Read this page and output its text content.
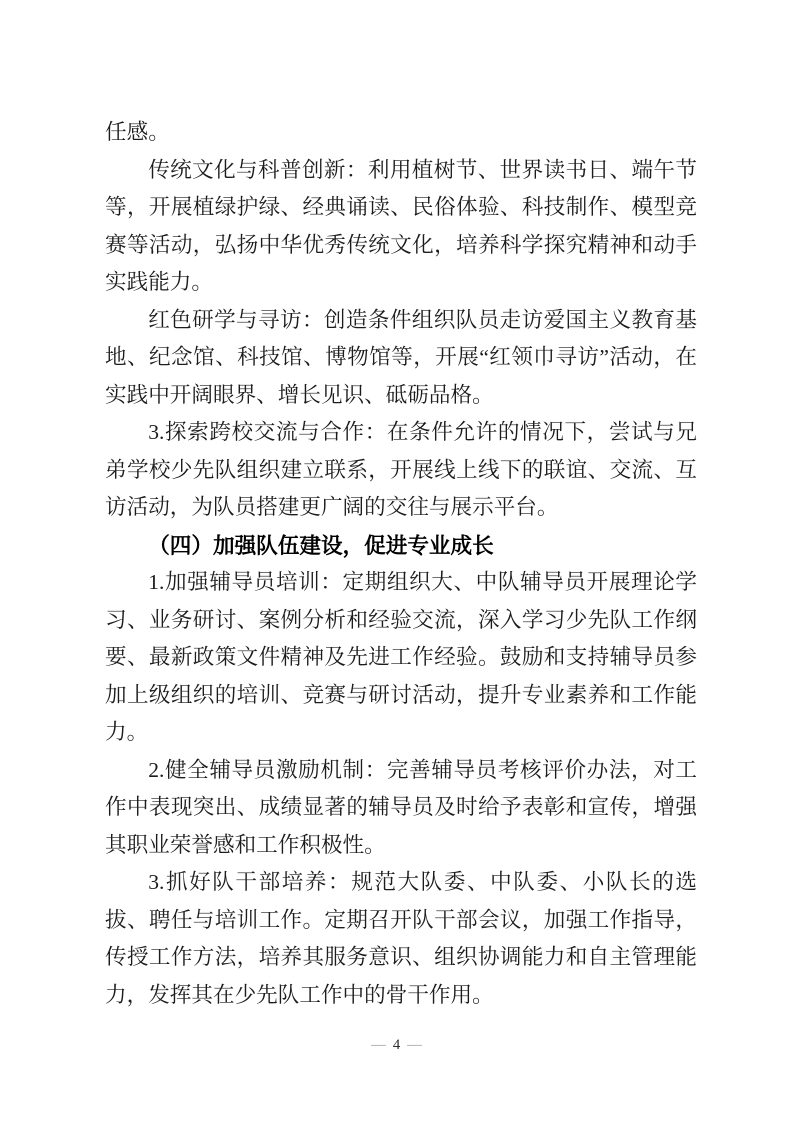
任感。

传统文化与科普创新：利用植树节、世界读书日、端午节等，开展植绿护绿、经典诵读、民俗体验、科技制作、模型竞赛等活动，弘扬中华优秀传统文化，培养科学探究精神和动手实践能力。

红色研学与寻访：创造条件组织队员走访爱国主义教育基地、纪念馆、科技馆、博物馆等，开展“红领巾寻访”活动，在实践中开阔眼界、增长见识、砥砺品格。

3.探索跨校交流与合作：在条件允许的情况下，尝试与兄弟学校少先队组织建立联系，开展线上线下的联谊、交流、互访活动，为队员搭建更广阔的交往与展示平台。

（四）加强队伍建设，促进专业成长

1.加强辅导员培训：定期组织大、中队辅导员开展理论学习、业务研讨、案例分析和经验交流，深入学习少先队工作纲要、最新政策文件精神及先进工作经验。鼓励和支持辅导员参加上级组织的培训、竞赛与研讨活动，提升专业素养和工作能力。

2.健全辅导员激励机制：完善辅导员考核评价办法，对工作中表现突出、成绩显著的辅导员及时给予表彰和宣传，增强其职业荣誉感和工作积极性。

3.抓好队干部培养：规范大队委、中队委、小队长的选拔、聘任与培训工作。定期召开队干部会议，加强工作指导，传授工作方法，培养其服务意识、组织协调能力和自主管理能力，发挥其在少先队工作中的骨干作用。

— 4 —
